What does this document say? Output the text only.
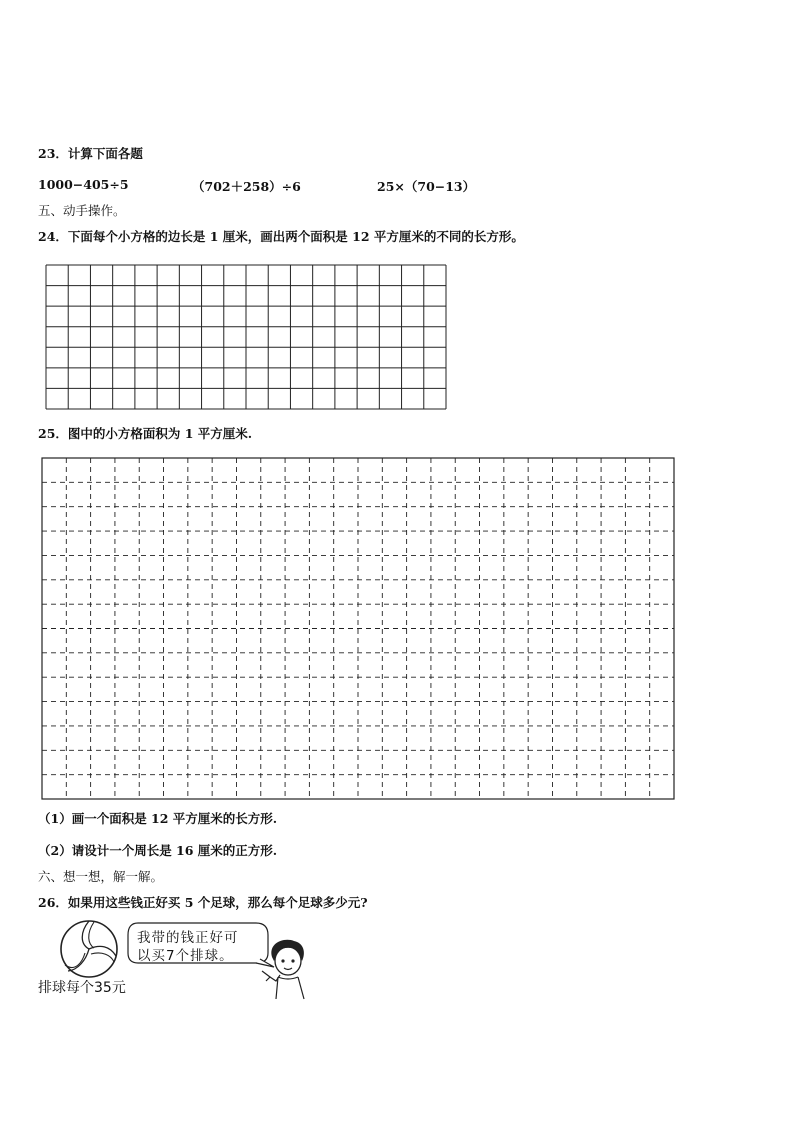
23．计算下面各题
1000−405÷5	（702＋258）÷6	25×（70−13）
五、动手操作。
24．下面每个小方格的边长是 1 厘米，画出两个面积是 12 平方厘米的不同的长方形。
25．图中的小方格面积为 1 平方厘米.
（1）画一个面积是 12 平方厘米的长方形.
（2）请设计一个周长是 16 厘米的正方形.
六、想一想，解一解。
26．如果用这些钱正好买 5 个足球，那么每个足球多少元?
排球每个35元
我带的钱正好可
以买7个排球。
